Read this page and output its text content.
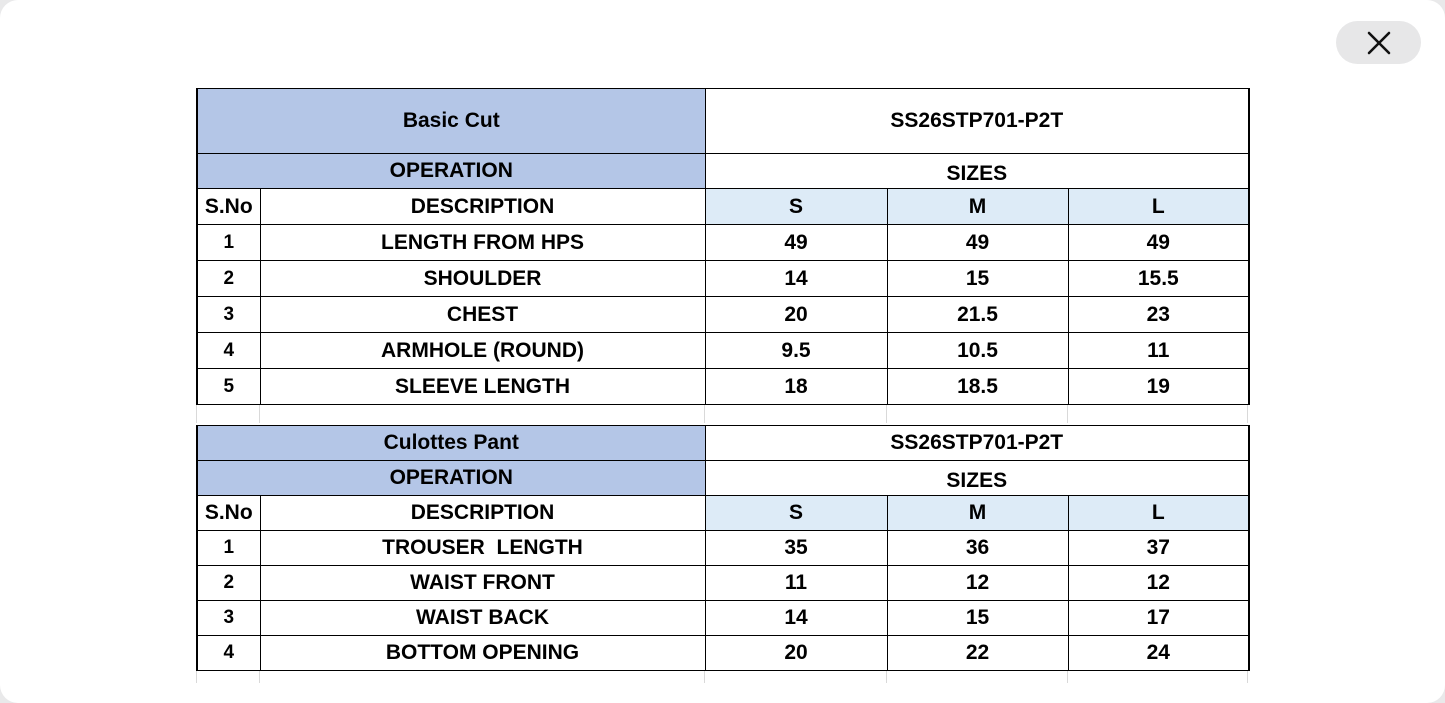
Basic Cut		SS26STP701-P2T		
OPERATION		SIZES		
S.No	DESCRIPTION	S	M	L
1	LENGTH FROM HPS	49	49	49
2	SHOULDER	14	15	15.5
3	CHEST	20	21.5	23
4	ARMHOLE (ROUND)	9.5	10.5	11
5	SLEEVE LENGTH	18	18.5	19
Culottes Pant		SS26STP701-P2T		
OPERATION		SIZES		
S.No	DESCRIPTION	S	M	L
1	TROUSER  LENGTH	35	36	37
2	WAIST FRONT	11	12	12
3	WAIST BACK	14	15	17
4	BOTTOM OPENING	20	22	24
